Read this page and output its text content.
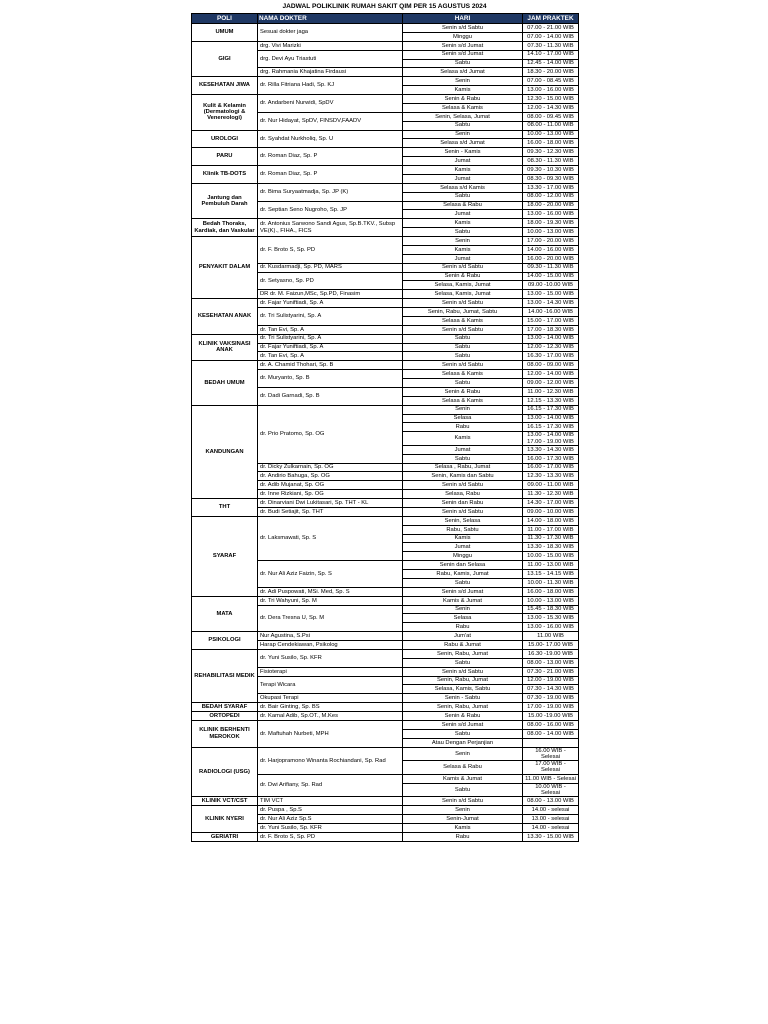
JADWAL POLIKLINIK RUMAH SAKIT QIM PER 15 AGUSTUS 2024
POLI	NAMA DOKTER	HARI	JAM PRAKTEK
UMUM	Sesuai dokter jaga	Senin s/d Sabtu	07.00 - 21.00 WIB
		Minggu	07.00 - 14.00 WIB
GIGI	drg. Vivi Marizki	Senin s/d Jumat	07.30 - 11.30 WIB
	drg. Devi Ayu Triastuti	Senin s/d Jumat	14.10 - 17.00 WIB
		Sabtu	12.45 - 14.00 WIB
	drg. Rahmania Khajatina Firdausi	Selasa s/d Jumat	18.30 - 20.00 WIB
KESEHATAN JIWA	dr. Rilla Fitriana Hadi, Sp. KJ	Senin	07.00 - 08.45 WIB
		Kamis	13.00 - 16.00 WIB
Kulit & Kelamin (Dermatologi & Venereologi)	dr. Andarbeni Nurwidi, SpDV	Senin & Rabu	12.30 - 15.00 WIB
		Selasa & Kamis	12.00 - 14.30 WIB
	dr. Nur Hidayat, SpDV, FINSDV,FAADV	Senin, Selasa, Jumat	08.00 - 09.45 WIB
		Sabtu	08.00 - 11.00 WIB
UROLOGI	dr. Syahdat Nurkholiq, Sp. U	Senin	10.00 - 13.00 WIB
		Selasa s/d Jumat	16.00 - 18.00 WIB
PARU	dr. Roman Diaz, Sp. P	Senin - Kamis	09.30 - 12.30 WIB
		Jumat	08.30 - 11.30 WIB
Klinik TB-DOTS	dr. Roman Diaz, Sp. P	Kamis	09.30 - 10.30 WIB
		Jumat	08.30 - 09.30 WIB
Jantung dan Pembuluh Darah	dr. Bima Suryaatmadja, Sp. JP (K)	Selasa s/d Kamis	13.30 - 17.00 WIB
		Sabtu	08.00 - 12.00 WIB
	dr. Septian Seno Nugroho, Sp. JP	Selasa & Rabu	18.00 - 20.00 WIB
		Jumat	13.00 - 16.00 WIB
Bedah Thoraks, Kardiak, dan Vaskular	dr. Antonius Sarwono Sandi Agus, Sp.B.TKV., Subsp VE(K)., FIHA., FICS	Kamis	18.00 - 19.30 WIB
		Sabtu	10.00 - 13.00 WIB
PENYAKIT DALAM	dr. F. Broto S, Sp. PD	Senin	17.00 - 20.00 WIB
		Kamis	14.00 - 16.00 WIB
		Jumat	16.00 - 20.00 WIB
	dr. Kusdarmadji, Sp. PD, MARS	Senin s/d Sabtu	09.30 - 11.30 WIB
	dr. Setyasno, Sp. PD	Senin & Rabu	14.00 - 15.00 WIB
		Selasa, Kamis, Jumat	09.00 -10.00 WIB
	DR dr. M. Faizun,MSc, Sp.PD, Finasim	Selasa, Kamis, Jumat	13.00 - 15.00 WIB
KESEHATAN ANAK	dr. Fajar Yuniftiadi, Sp. A	Senin s/d Sabtu	13.00 - 14.30 WIB
	dr. Tri Sulistyarini, Sp. A	Senin, Rabu, Jumat, Sabtu	14.00 -16.00 WIB
		Selasa & Kamis	15.00 - 17.00 WIB
	dr. Tan Evi, Sp. A	Senin s/d Sabtu	17.00 - 18.30 WIB
KLINIK VAKSINASI ANAK	dr. Tri Sulistyarini, Sp. A	Sabtu	13.00 - 14.00 WIB
	dr. Fajar Yuniftiadi, Sp. A	Sabtu	12.00 - 12.30 WIB
	dr. Tan Evi, Sp. A	Sabtu	16.30 - 17.00 WIB
BEDAH UMUM	dr. A. Chamid Thohari, Sp. B	Senin s/d Sabtu	08.00 - 09.00 WIB
	dr. Muryanto, Sp. B	Selasa & Kamis	12.00 - 14.00 WIB
		Sabtu	09.00 - 12.00 WIB
	dr. Dadi Garnadi, Sp. B	Senin & Rabu	11.00 - 12.30 WIB
		Selasa & Kamis	12.15 - 13.30 WIB
KANDUNGAN	dr. Prio Pratomo, Sp. OG	Senin	16.15 - 17.30 WIB
		Selasa	13.00 - 14.00 WIB
		Rabu	16.15 - 17.30 WIB
		Kamis	13.00 - 14.00 WIB 17.00 - 19.00 WIB
		Jumat	13.30 - 14.30 WIB
		Sabtu	16.00 - 17.30 WIB
	dr. Dicky Zulkarnain, Sp. OG	Selasa , Rabu, Jumat	16.00 - 17.00 WIB
	dr. Andirio Bahuga, Sp. OG	Senin, Kamis dan Sabtu	12.30 - 13.30 WIB
	dr. Adib Mujanat, Sp. OG	Senin s/d Sabtu	09.00 - 11.00 WIB
	dr. Inne Rizkiani, Sp. OG	Selasa, Rabu	11.30 - 12.30 WIB
THT	dr. Dinarviani Dwi Lukitasari, Sp. THT - KL	Senin dan Rabu	14.30 - 17.00 WIB
	dr. Budi Setiajit, Sp. THT	Senin s/d Sabtu	09.00 - 10.00 WIB
SYARAF	dr. Laksmawati, Sp. S	Senin, Selasa	14.00 - 18.00 WIB
		Rabu, Sabtu	11.00 - 17.00 WIB
		Kamis	11.30 - 17.30 WIB
		Jumat	13.30 - 18.30 WIB
		Minggu	10.00 - 15.00 WIB
	dr. Nur Ali Aziz Faizin, Sp. S	Senin dan Selasa	11.00 - 13.00 WIB
		Rabu, Kamis, Jumat	13.15 - 14.15 WIB
		Sabtu	10.00 - 11.30 WIB
	dr. Adi Puspowati, MSi. Med, Sp. S	Senin s/d Jumat	16.00 - 18.00 WIB
MATA	dr. Tri Wahyuni, Sp. M	Kamis & Jumat	10.00 - 13.00 WIB
	dr. Dera Tresna U, Sp. M	Senin	15.45 - 18.30 WIB
		Selasa	13.00 - 15.30 WIB
		Rabu	13.00 - 16.00 WIB
PSIKOLOGI	Nur Agustina, S.Psi	Jum'at	11.00 WIB
	Harap Cendekiawan, Psikolog	Rabu & Jumat	15.00- 17.00 WIB
REHABILITASI MEDIK	dr. Yuni Susilo, Sp. KFR	Senin, Rabu, Jumat	16.30 -19.00 WIB
		Sabtu	08.00 - 13.00 WIB
	Fisioterapi	Senin s/d Sabtu	07.30 - 21.00 WIB
	Terapi Wicara	Senin, Rabu, Jumat	12.00 - 19.00 WIB
		Selasa, Kamis, Sabtu	07.30 - 14.30 WIB
	Okupasi Terapi	Senin - Sabtu	07.30 - 19.00 WIB
BEDAH SYARAF	dr. Bair Ginting, Sp. BS	Senin, Rabu, Jumat	17.00 - 19.00 WIB
ORTOPEDI	dr. Kamal Adib, Sp.OT., M.Kes	Senin & Rabu	15.00 -19.00 WIB
KLINIK BERHENTI MEROKOK	dr. Maftuhah Nurbeti, MPH	Senin s/d Jumat	08.00 - 16.00 WIB
		Sabtu	08.00 - 14.00 WIB
		Atau Dengan Perjanjian	
RADIOLOGI (USG)	dr. Harjopramono Winanta Rochiandani, Sp. Rad	Senin	16.00 WIB - Selesai
		Selasa & Rabu	17.00 WIB - Selesai
	dr. Dwi Arifiany, Sp. Rad	Kamis & Jumat	11.00 WIB - Selesai
		Sabtu	10.00 WIB - Selesai
KLINIK VCT/CST	TIM VCT	Senin s/d Sabtu	08.00 - 13.00 WIB
KLINIK NYERI	dr. Puspa , Sp.S	Senin	14.00 - selesai
	dr. Nur Ali Aziz Sp.S	Senin-Jumat	13.00 - selesai
	dr. Yuni Susilo, Sp. KFR	Kamis	14.00 - selesai
GERIATRI	dr. F. Broto S, Sp. PD	Rabu	13.30 - 15.00 WIB
